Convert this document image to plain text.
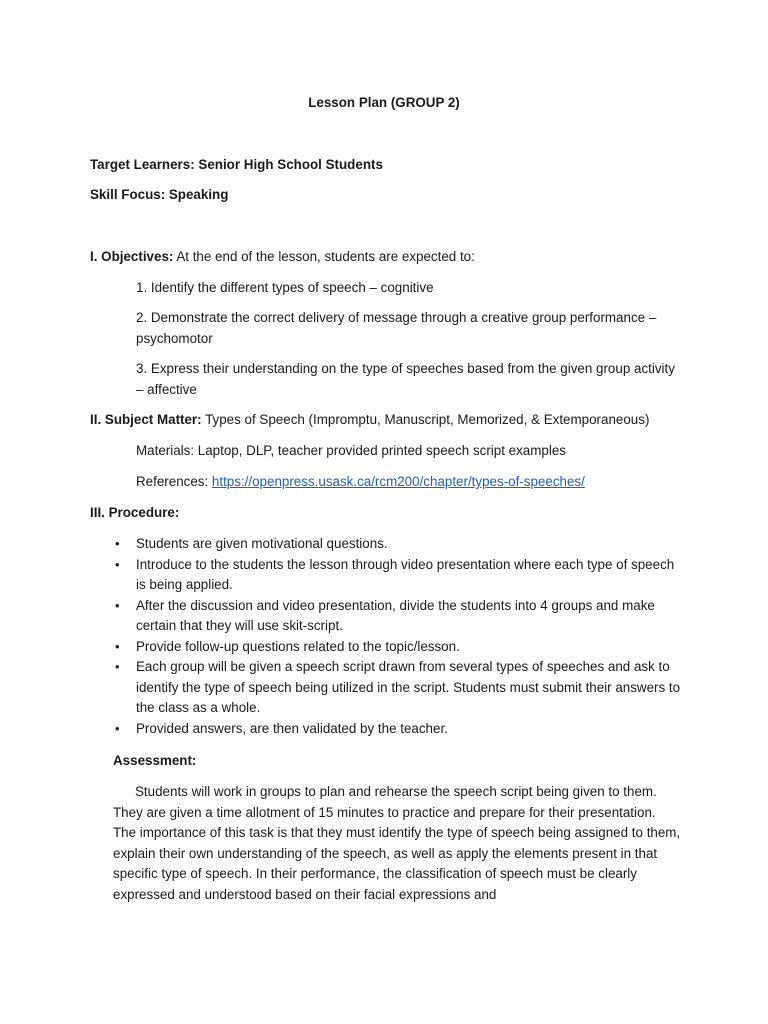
Lesson Plan (GROUP 2)
Target Learners: Senior High School Students
Skill Focus: Speaking
I. Objectives: At the end of the lesson, students are expected to:
1. Identify the different types of speech – cognitive
2. Demonstrate the correct delivery of message through a creative group performance – psychomotor
3. Express their understanding on the type of speeches based from the given group activity – affective
II. Subject Matter: Types of Speech (Impromptu, Manuscript, Memorized, & Extemporaneous)
Materials: Laptop, DLP, teacher provided printed speech script examples
References: https://openpress.usask.ca/rcm200/chapter/types-of-speeches/
III. Procedure:
• Students are given motivational questions.
• Introduce to the students the lesson through video presentation where each type of speech is being applied.
• After the discussion and video presentation, divide the students into 4 groups and make certain that they will use skit-script.
• Provide follow-up questions related to the topic/lesson.
• Each group will be given a speech script drawn from several types of speeches and ask to identify the type of speech being utilized in the script. Students must submit their answers to the class as a whole.
• Provided answers, are then validated by the teacher.
Assessment:

Students will work in groups to plan and rehearse the speech script being given to them. They are given a time allotment of 15 minutes to practice and prepare for their presentation. The importance of this task is that they must identify the type of speech being assigned to them, explain their own understanding of the speech, as well as apply the elements present in that specific type of speech. In their performance, the classification of speech must be clearly expressed and understood based on their facial expressions and
